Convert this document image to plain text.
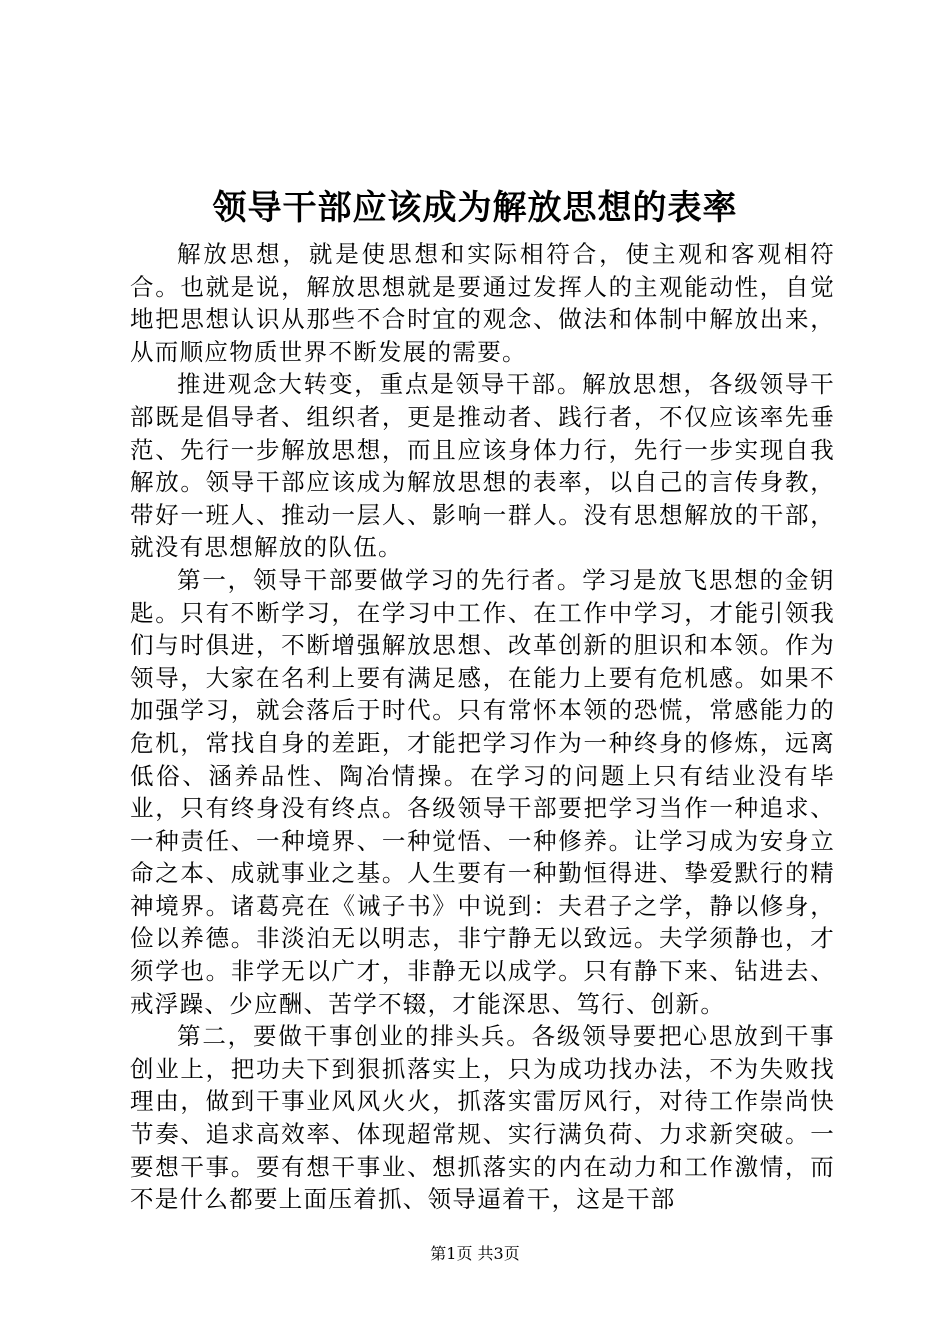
领导干部应该成为解放思想的表率

解放思想，就是使思想和实际相符合，使主观和客观相符合。也就是说，解放思想就是要通过发挥人的主观能动性，自觉地把思想认识从那些不合时宜的观念、做法和体制中解放出来，从而顺应物质世界不断发展的需要。

推进观念大转变，重点是领导干部。解放思想，各级领导干部既是倡导者、组织者，更是推动者、践行者，不仅应该率先垂范、先行一步解放思想，而且应该身体力行，先行一步实现自我解放。领导干部应该成为解放思想的表率，以自己的言传身教，带好一班人、推动一层人、影响一群人。没有思想解放的干部，就没有思想解放的队伍。

第一，领导干部要做学习的先行者。学习是放飞思想的金钥匙。只有不断学习，在学习中工作、在工作中学习，才能引领我们与时俱进，不断增强解放思想、改革创新的胆识和本领。作为领导，大家在名利上要有满足感，在能力上要有危机感。如果不加强学习，就会落后于时代。只有常怀本领的恐慌，常感能力的危机，常找自身的差距，才能把学习作为一种终身的修炼，远离低俗、涵养品性、陶冶情操。在学习的问题上只有结业没有毕业，只有终身没有终点。各级领导干部要把学习当作一种追求、一种责任、一种境界、一种觉悟、一种修养。让学习成为安身立命之本、成就事业之基。人生要有一种勤恒得进、挚爱默行的精神境界。诸葛亮在《诫子书》中说到：夫君子之学，静以修身，俭以养德。非淡泊无以明志，非宁静无以致远。夫学须静也，才须学也。非学无以广才，非静无以成学。只有静下来、钻进去、戒浮躁、少应酬、苦学不辍，才能深思、笃行、创新。

第二，要做干事创业的排头兵。各级领导要把心思放到干事创业上，把功夫下到狠抓落实上，只为成功找办法，不为失败找理由，做到干事业风风火火，抓落实雷厉风行，对待工作崇尚快节奏、追求高效率、体现超常规、实行满负荷、力求新突破。一要想干事。要有想干事业、想抓落实的内在动力和工作激情，而不是什么都要上面压着抓、领导逼着干，这是干部

第1页 共3页
